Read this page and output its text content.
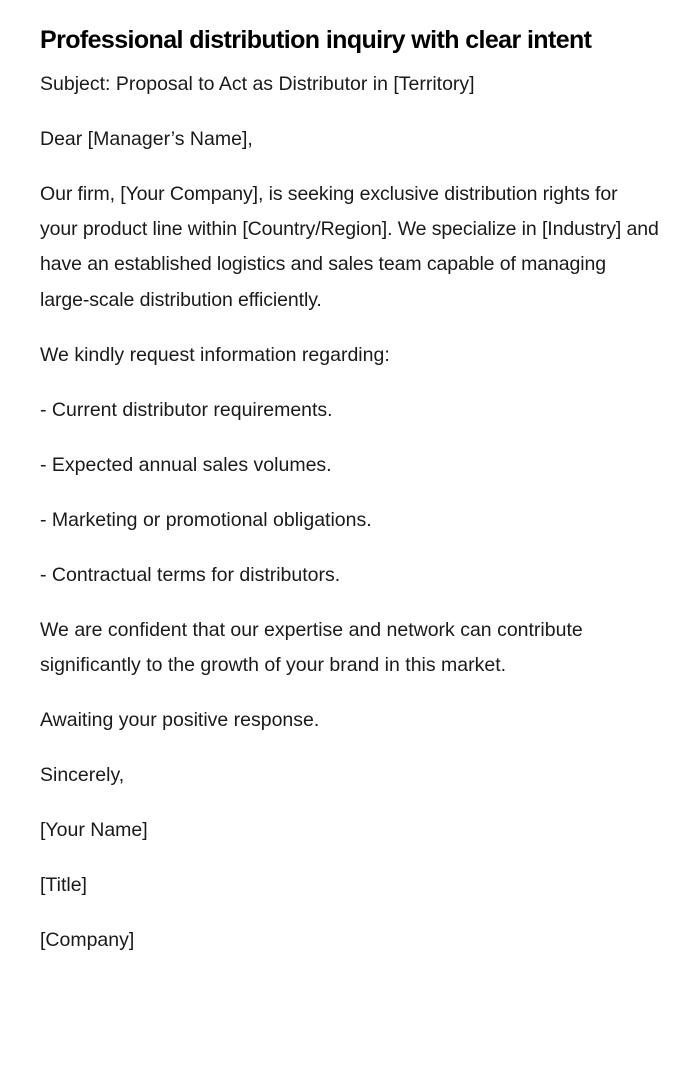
Professional distribution inquiry with clear intent

Subject: Proposal to Act as Distributor in [Territory]

Dear [Manager’s Name],

Our firm, [Your Company], is seeking exclusive distribution rights for your product line within [Country/Region]. We specialize in [Industry] and have an established logistics and sales team capable of managing large-scale distribution efficiently.

We kindly request information regarding:

- Current distributor requirements.

- Expected annual sales volumes.

- Marketing or promotional obligations.

- Contractual terms for distributors.

We are confident that our expertise and network can contribute significantly to the growth of your brand in this market.

Awaiting your positive response.

Sincerely,

[Your Name]

[Title]

[Company]
